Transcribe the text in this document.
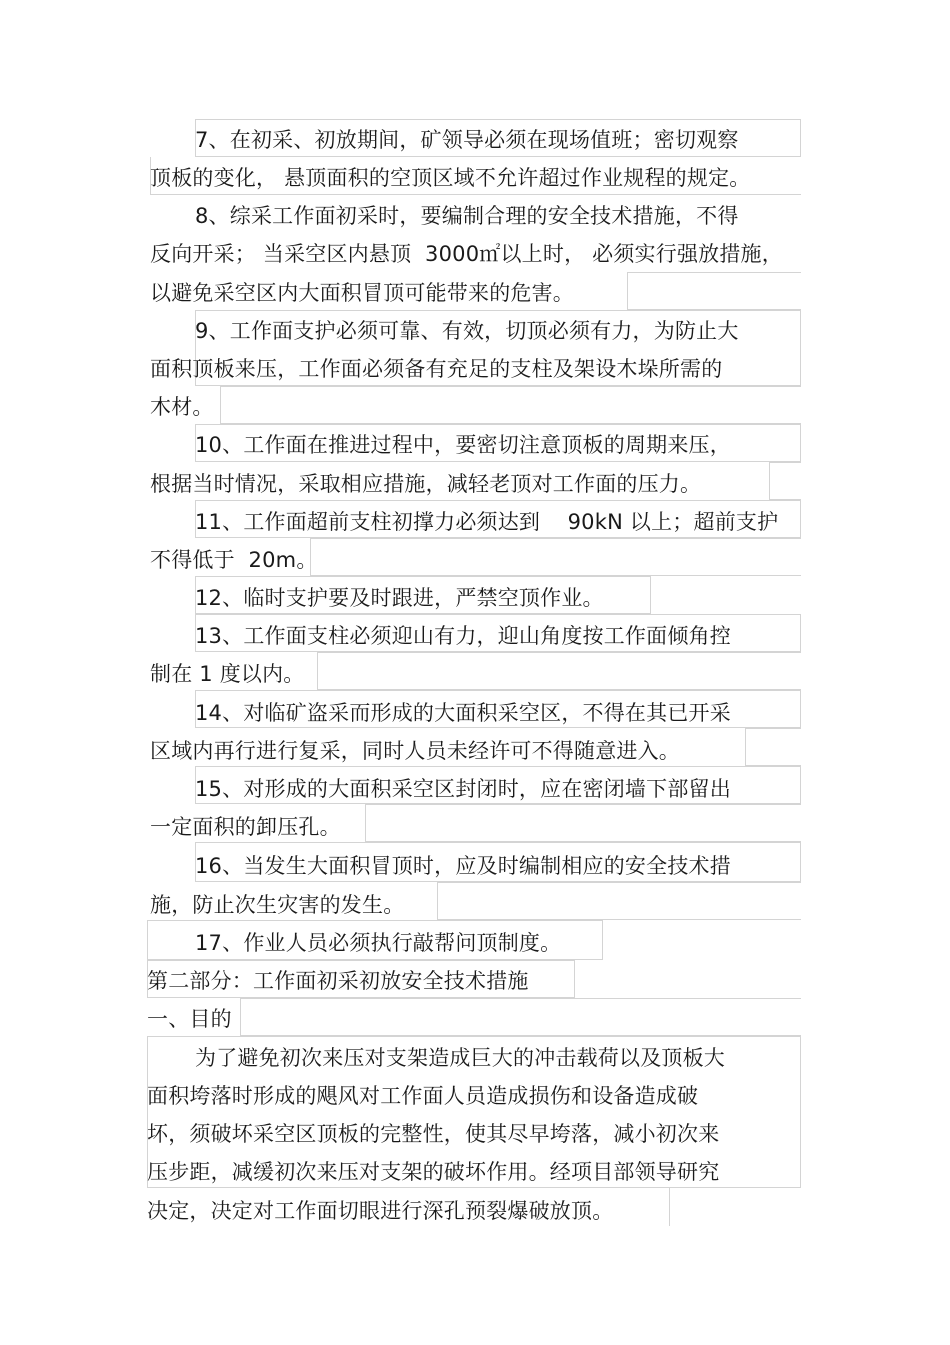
7、在初采、初放期间，矿领导必须在现场值班；密切观察
顶板的变化， 悬顶面积的空顶区域不允许超过作业规程的规定。
8、综采工作面初采时，要编制合理的安全技术措施，不得
反向开采； 当采空区内悬顶  3000㎡以上时， 必须实行强放措施，
以避免采空区内大面积冒顶可能带来的危害。
9、工作面支护必须可靠、有效，切顶必须有力，为防止大
面积顶板来压，工作面必须备有充足的支柱及架设木垛所需的
木材。
10、工作面在推进过程中，要密切注意顶板的周期来压，
根据当时情况，采取相应措施，减轻老顶对工作面的压力。
11、工作面超前支柱初撑力必须达到    90kN 以上；超前支护
不得低于  20m。
12、临时支护要及时跟进，严禁空顶作业。
13、工作面支柱必须迎山有力，迎山角度按工作面倾角控
制在 1 度以内。
14、对临矿盗采而形成的大面积采空区，不得在其已开采
区域内再行进行复采，同时人员未经许可不得随意进入。
15、对形成的大面积采空区封闭时，应在密闭墙下部留出
一定面积的卸压孔。
16、当发生大面积冒顶时，应及时编制相应的安全技术措
施，防止次生灾害的发生。
17、作业人员必须执行敲帮问顶制度。
第二部分：工作面初采初放安全技术措施
一、目的
为了避免初次来压对支架造成巨大的冲击载荷以及顶板大
面积垮落时形成的飓风对工作面人员造成损伤和设备造成破
坏，须破坏采空区顶板的完整性，使其尽早垮落，减小初次来
压步距，减缓初次来压对支架的破坏作用。经项目部领导研究
决定，决定对工作面切眼进行深孔预裂爆破放顶。
